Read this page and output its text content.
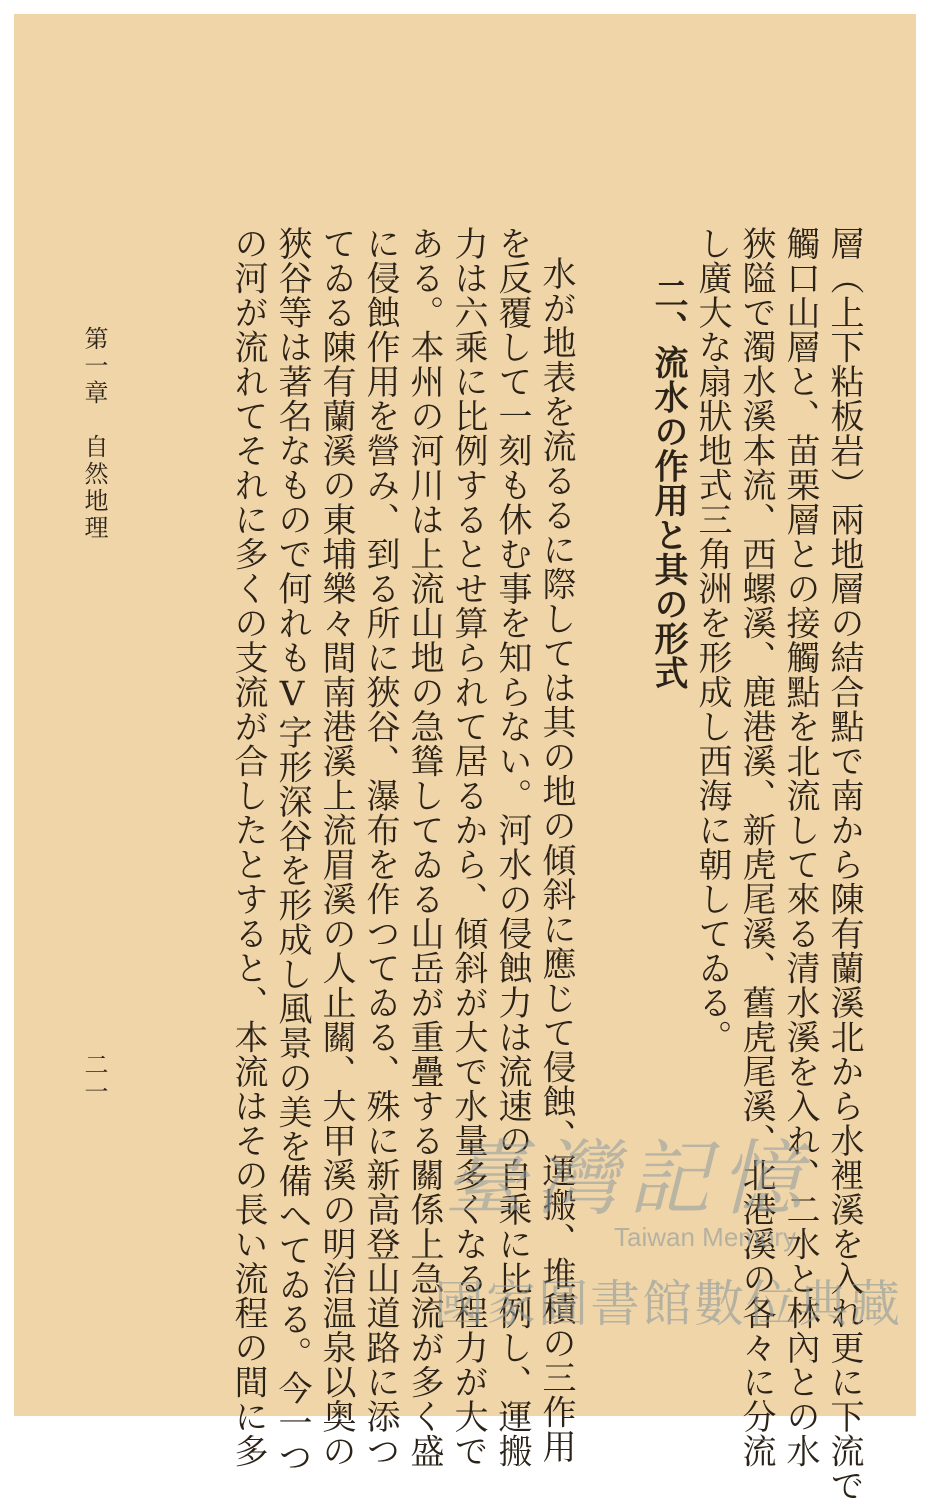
層（上下粘板岩）兩地層の結合點で南から陳有蘭溪北から水裡溪を入れ更に下流で
觸口山層と、苗栗層との接觸點を北流して來る清水溪を入れ、二水と林內との水
狹隘で濁水溪本流、西螺溪、鹿港溪、新虎尾溪、舊虎尾溪、北港溪の各々に分流
し廣大な扇狀地式三角洲を形成し西海に朝してゐる。
二、流水の作用と其の形式
水が地表を流るるに際しては其の地の傾斜に應じて侵蝕、運搬、堆積の三作用
を反覆して一刻も休む事を知らない。河水の侵蝕力は流速の自乘に比例し、運搬
力は六乘に比例するとせ算られて居るから、傾斜が大で水量多くなる程力が大で
ある。本州の河川は上流山地の急聳してゐる山岳が重疊する關係上急流が多く盛
に侵蝕作用を營み、到る所に狹谷、瀑布を作つてゐる、殊に新高登山道路に添つ
てゐる陳有蘭溪の東埔樂々間南港溪上流眉溪の人止關、大甲溪の明治温泉以奥の
狹谷等は著名なもので何れもⅤ字形深谷を形成し風景の美を備へてゐる。今一つ
の河が流れてそれに多くの支流が合したとすると、本流はその長い流程の間に多
第一章　自然地理
二一
臺灣記憶
Taiwan Memory
國家圖書館數位典藏
